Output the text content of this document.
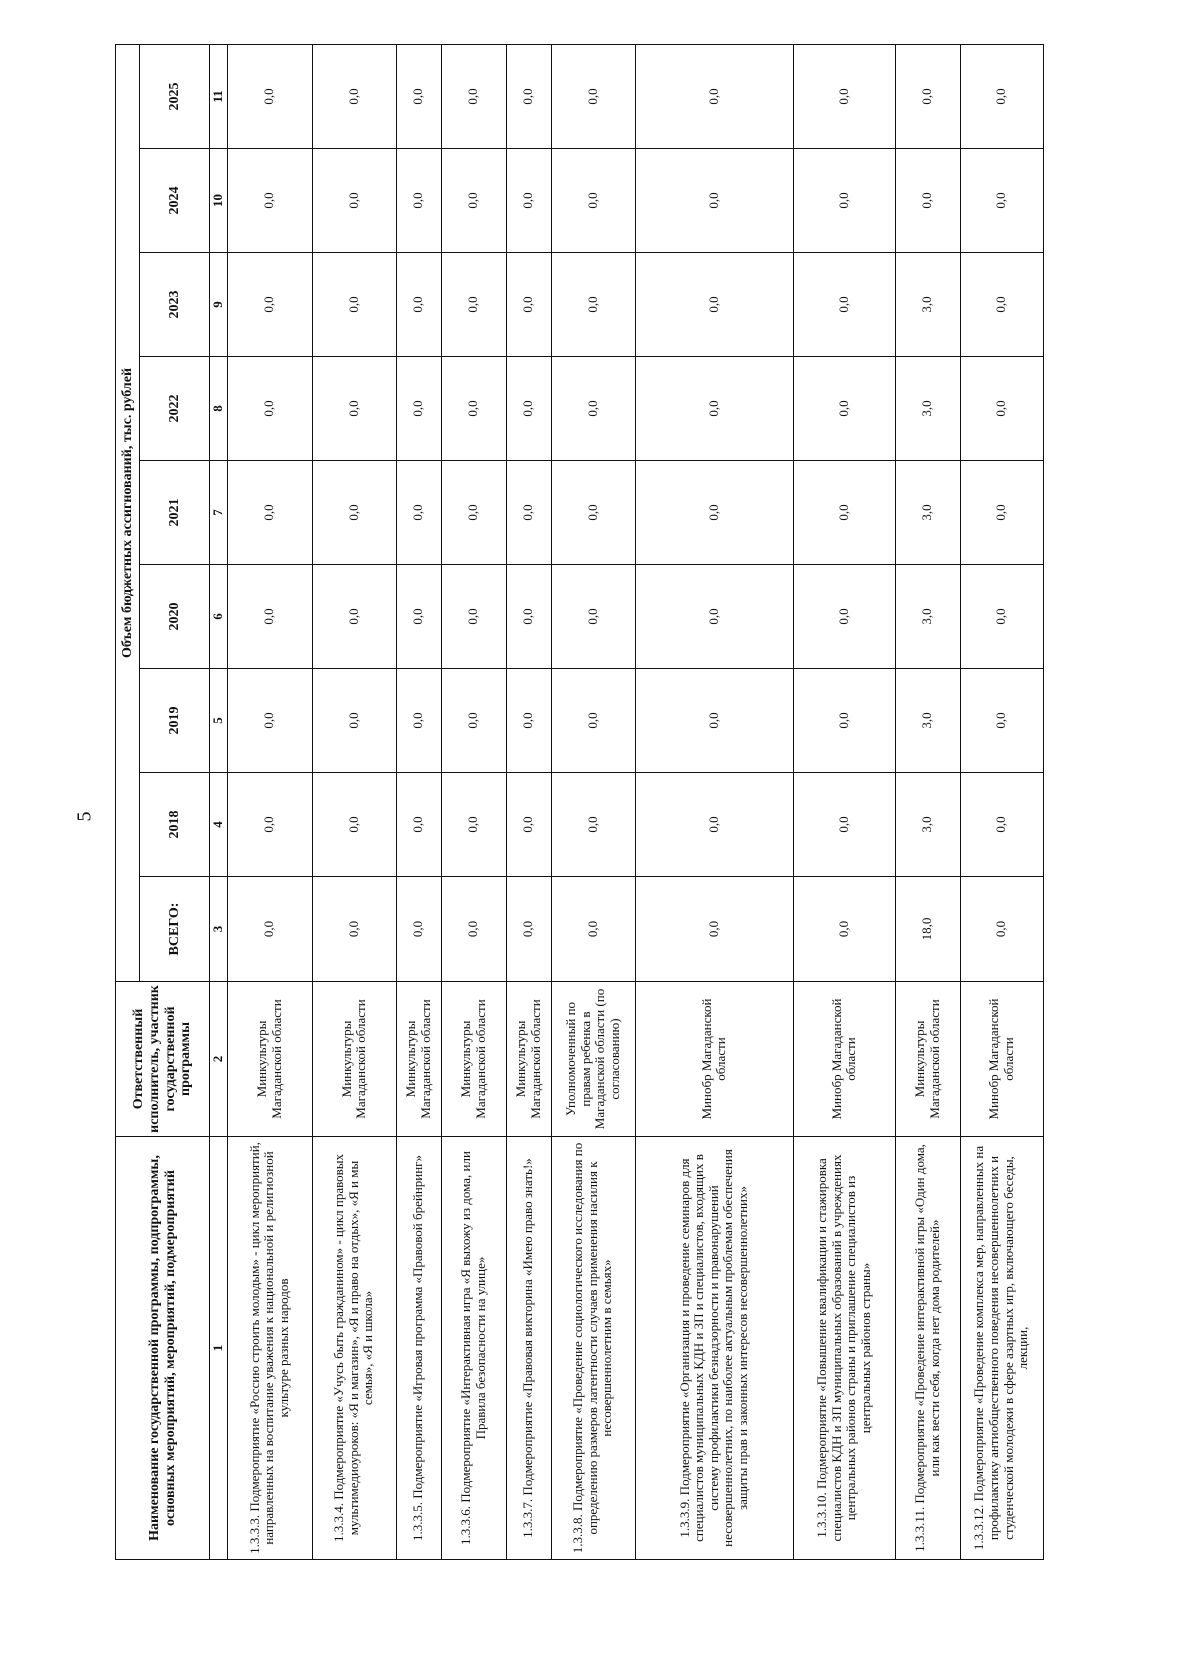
5
Наименование государственной программы, подпрограммы, основных мероприятий, мероприятий, подмероприятий	Ответственный исполнитель, участник государственной программы	Объем бюджетных ассигнований, тыс. рублей								
		ВСЕГО:	2018	2019	2020	2021	2022	2023	2024	2025
1	2	3	4	5	6	7	8	9	10	11
1.3.3.3. Подмероприятие «Россию строить молодым» - цикл мероприятий, направленных на воспитание уважения к национальной и религиозной культуре разных народов	Минкультуры Магаданской области	0,0	0,0	0,0	0,0	0,0	0,0	0,0	0,0	0,0
1.3.3.4. Подмероприятие «Учусь быть гражданином» - цикл правовых мультимедиоуроков: «Я и магазин», «Я и право на отдых», «Я и мы семья», «Я и школа»	Минкультуры Магаданской области	0,0	0,0	0,0	0,0	0,0	0,0	0,0	0,0	0,0
1.3.3.5. Подмероприятие «Игровая программа «Правовой брейнринг»	Минкультуры Магаданской области	0,0	0,0	0,0	0,0	0,0	0,0	0,0	0,0	0,0
1.3.3.6. Подмероприятие «Интерактивная игра «Я выхожу из дома, или Правила безопасности на улице»	Минкультуры Магаданской области	0,0	0,0	0,0	0,0	0,0	0,0	0,0	0,0	0,0
1.3.3.7. Подмероприятие «Правовая викторина «Имею право знать!»	Минкультуры Магаданской области	0,0	0,0	0,0	0,0	0,0	0,0	0,0	0,0	0,0
1.3.3.8. Подмероприятие «Проведение социологического исследования по определению размеров латентности случаев применения насилия к несовершеннолетним в семьях»	Уполномоченный по правам ребенка в Магаданской области (по согласованию)	0,0	0,0	0,0	0,0	0,0	0,0	0,0	0,0	0,0
1.3.3.9. Подмероприятие «Организация и проведение семинаров для специалистов муниципальных КДН и ЗП и специалистов, входящих в систему профилактики безнадзорности и правонарушений несовершеннолетних, по наиболее актуальным проблемам обеспечения защиты прав и законных интересов несовершеннолетних»	Минобр Магаданской области	0,0	0,0	0,0	0,0	0,0	0,0	0,0	0,0	0,0
1.3.3.10. Подмероприятие «Повышение квалификации и стажировка специалистов КДН и ЗП муниципальных образований в учреждениях центральных районов страны и приглашение специалистов из центральных районов страны»	Минобр Магаданской области	0,0	0,0	0,0	0,0	0,0	0,0	0,0	0,0	0,0
1.3.3.11. Подмероприятие «Проведение интерактивной игры «Один дома, или как вести себя, когда нет дома родителей»	Минкультуры Магаданской области	18,0	3,0	3,0	3,0	3,0	3,0	3,0	0,0	0,0
1.3.3.12. Подмероприятие «Проведение комплекса мер, направленных на профилактику антиобщественного поведения несовершеннолетних и студенческой молодежи в сфере азартных игр, включающего беседы, лекции,	Минобр Магаданской области	0,0	0,0	0,0	0,0	0,0	0,0	0,0	0,0	0,0
